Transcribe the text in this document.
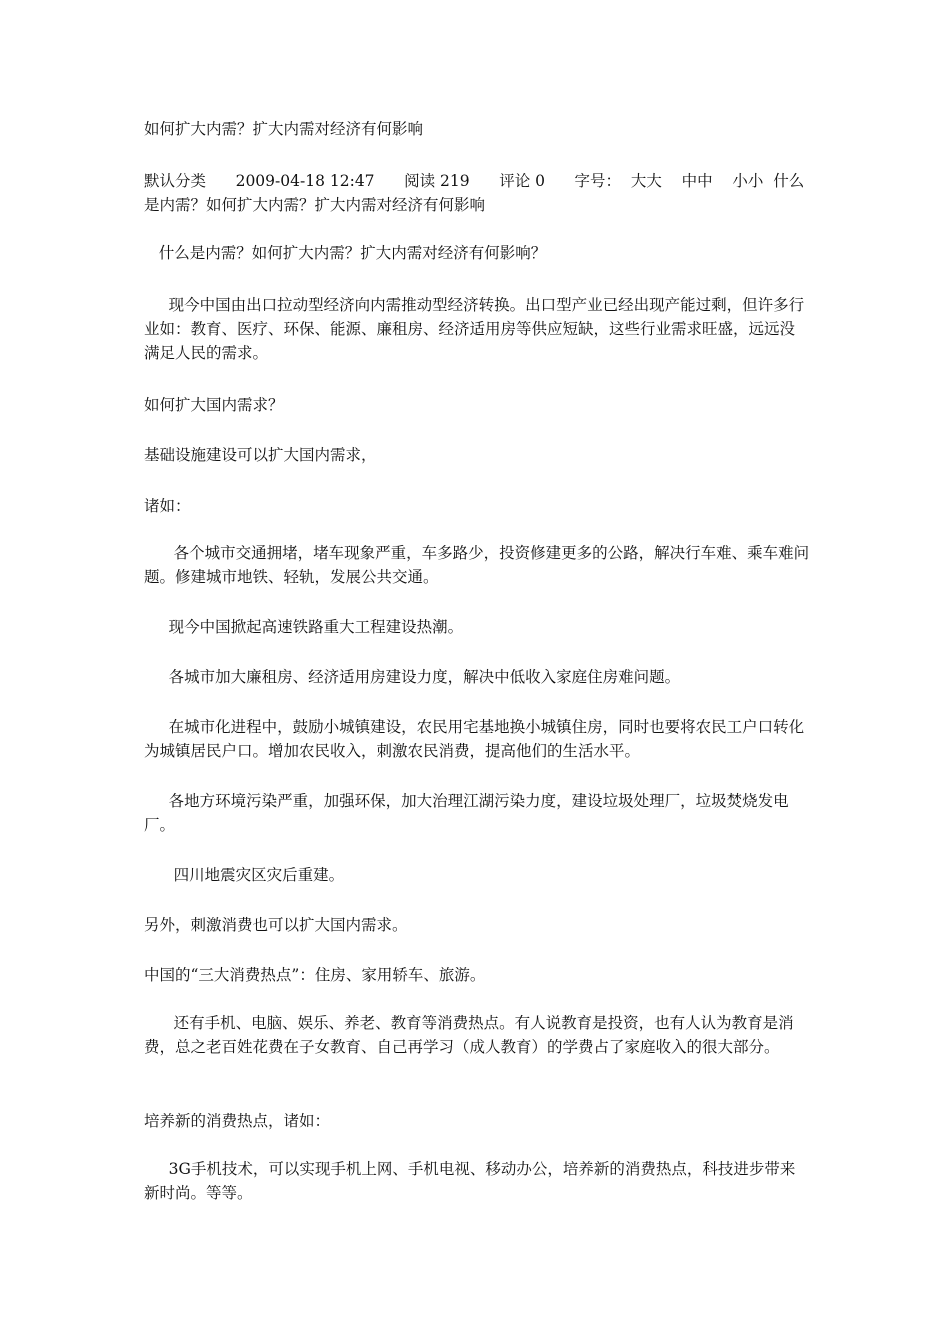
如何扩大内需？扩大内需对经济有何影响

默认分类 2009-04-18 12:47 阅读 219 评论 0 字号： 大大 中中 小小 什么是内需？如何扩大内需？扩大内需对经济有何影响

什么是内需？如何扩大内需？扩大内需对经济有何影响？

现今中国由出口拉动型经济向内需推动型经济转换。出口型产业已经出现产能过剩，但许多行业如：教育、医疗、环保、能源、廉租房、经济适用房等供应短缺，这些行业需求旺盛，远远没满足人民的需求。

如何扩大国内需求？

基础设施建设可以扩大国内需求，

诸如：

各个城市交通拥堵，堵车现象严重，车多路少，投资修建更多的公路，解决行车难、乘车难问题。修建城市地铁、轻轨，发展公共交通。

现今中国掀起高速铁路重大工程建设热潮。

各城市加大廉租房、经济适用房建设力度，解决中低收入家庭住房难问题。

在城市化进程中，鼓励小城镇建设，农民用宅基地换小城镇住房，同时也要将农民工户口转化为城镇居民户口。增加农民收入，刺激农民消费，提高他们的生活水平。

各地方环境污染严重，加强环保，加大治理江湖污染力度，建设垃圾处理厂，垃圾焚烧发电厂。

四川地震灾区灾后重建。

另外，刺激消费也可以扩大国内需求。

中国的“三大消费热点”：住房、家用轿车、旅游。

还有手机、电脑、娱乐、养老、教育等消费热点。有人说教育是投资，也有人认为教育是消费，总之老百姓花费在子女教育、自己再学习（成人教育）的学费占了家庭收入的很大部分。

培养新的消费热点，诸如：

3G手机技术，可以实现手机上网、手机电视、移动办公，培养新的消费热点，科技进步带来新时尚。等等。
